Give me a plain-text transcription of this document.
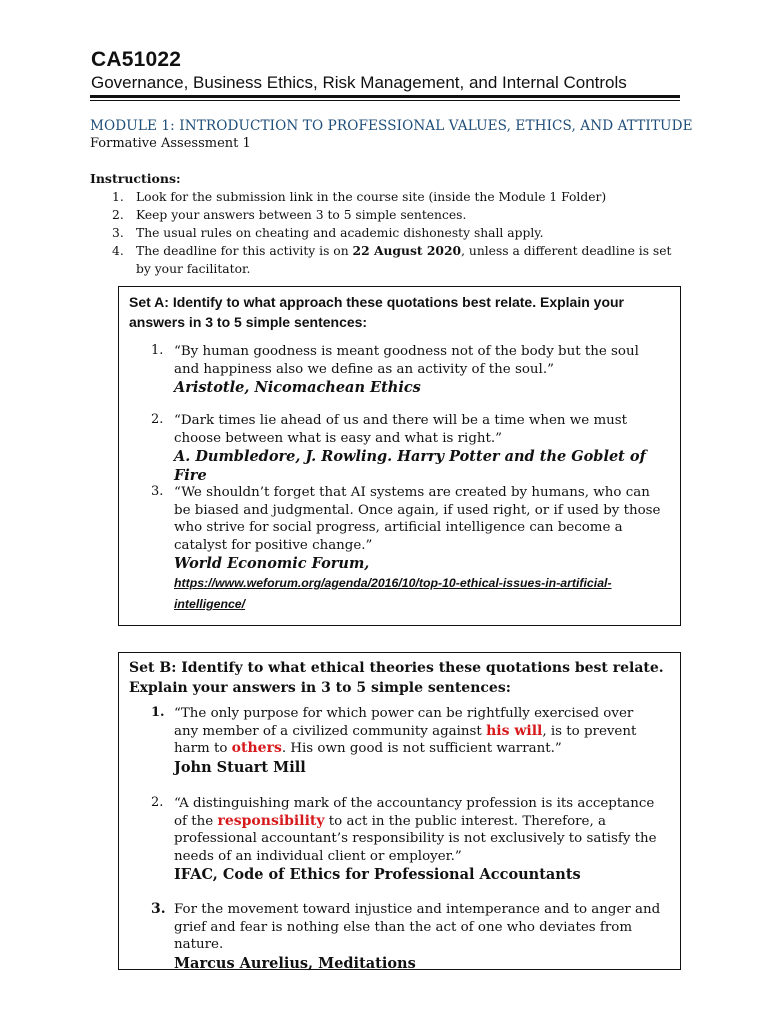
CA51022
Governance, Business Ethics, Risk Management, and Internal Controls
MODULE 1: INTRODUCTION TO PROFESSIONAL VALUES, ETHICS, AND ATTITUDE
Formative Assessment 1
Instructions:
1. Look for the submission link in the course site (inside the Module 1 Folder)
2. Keep your answers between 3 to 5 simple sentences.
3. The usual rules on cheating and academic dishonesty shall apply.
4. The deadline for this activity is on 22 August 2020, unless a different deadline is set by your facilitator.
Set A: Identify to what approach these quotations best relate. Explain your answers in 3 to 5 simple sentences:
1. “By human goodness is meant goodness not of the body but the soul and happiness also we define as an activity of the soul.”
Aristotle, Nicomachean Ethics
2. “Dark times lie ahead of us and there will be a time when we must choose between what is easy and what is right.”
A. Dumbledore, J. Rowling. Harry Potter and the Goblet of Fire
3. “We shouldn’t forget that AI systems are created by humans, who can be biased and judgmental. Once again, if used right, or if used by those who strive for social progress, artificial intelligence can become a catalyst for positive change.”
World Economic Forum,
https://www.weforum.org/agenda/2016/10/top-10-ethical-issues-in-artificial-intelligence/
Set B: Identify to what ethical theories these quotations best relate. Explain your answers in 3 to 5 simple sentences:
1. “The only purpose for which power can be rightfully exercised over any member of a civilized community against his will, is to prevent harm to others. His own good is not sufficient warrant.”
John Stuart Mill
2. “A distinguishing mark of the accountancy profession is its acceptance of the responsibility to act in the public interest. Therefore, a professional accountant’s responsibility is not exclusively to satisfy the needs of an individual client or employer.”
IFAC, Code of Ethics for Professional Accountants
3. For the movement toward injustice and intemperance and to anger and grief and fear is nothing else than the act of one who deviates from nature.
Marcus Aurelius, Meditations
